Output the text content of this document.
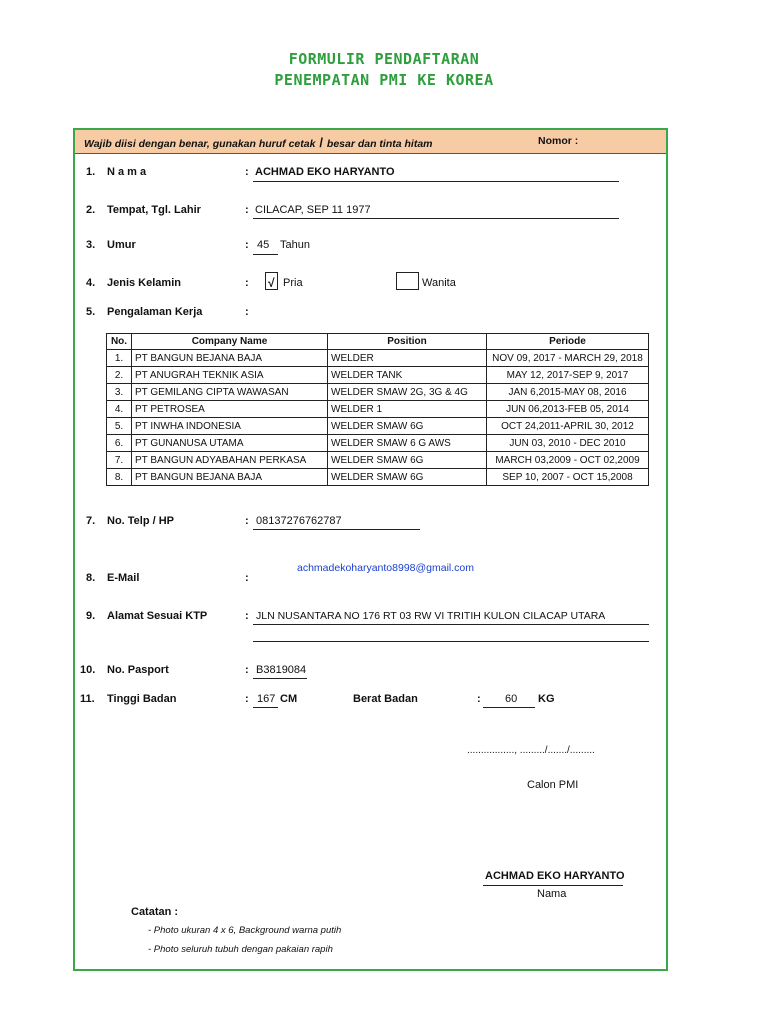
FORMULIR PENDAFTARAN
PENEMPATAN PMI KE KOREA
Wajib diisi dengan benar, gunakan huruf cetak / besar dan tinta hitam	Nomor :
1. N a m a	: ACHMAD EKO HARYANTO
2. Tempat, Tgl. Lahir	: CILACAP, SEP 11 1977
3. Umur	: 45 Tahun
4. Jenis Kelamin	: √ Pria	Wanita
5. Pengalaman Kerja	:
No.	Company Name	Position	Periode
1.	PT BANGUN BEJANA BAJA	WELDER	NOV 09, 2017 - MARCH 29, 2018
2.	PT ANUGRAH TEKNIK ASIA	WELDER TANK	MAY 12, 2017-SEP 9, 2017
3.	PT GEMILANG CIPTA WAWASAN	WELDER SMAW 2G, 3G & 4G	JAN 6,2015-MAY 08, 2016
4.	PT PETROSEA	WELDER 1	JUN 06,2013-FEB 05, 2014
5.	PT INWHA INDONESIA	WELDER SMAW 6G	OCT 24,2011-APRIL 30, 2012
6.	PT GUNANUSA UTAMA	WELDER SMAW 6 G AWS	JUN 03, 2010 - DEC 2010
7.	PT BANGUN ADYABAHAN PERKASA	WELDER SMAW 6G	MARCH 03,2009 - OCT 02,2009
8.	PT BANGUN BEJANA BAJA	WELDER SMAW 6G	SEP 10, 2007 - OCT 15,2008
7. No. Telp / HP	: 08137276762787
achmadekoharyanto8998@gmail.com
8. E-Mail	:
9. Alamat Sesuai KTP	: JLN NUSANTARA NO 176 RT 03 RW VI TRITIH KULON CILACAP UTARA
10. No. Pasport	: B3819084
11. Tinggi Badan	: 167 CM	Berat Badan	: 60 KG
................., ........./......./.........
Calon PMI
ACHMAD EKO HARYANTO
Nama
Catatan :
- Photo ukuran 4 x 6, Background warna putih
- Photo seluruh tubuh dengan pakaian rapih
